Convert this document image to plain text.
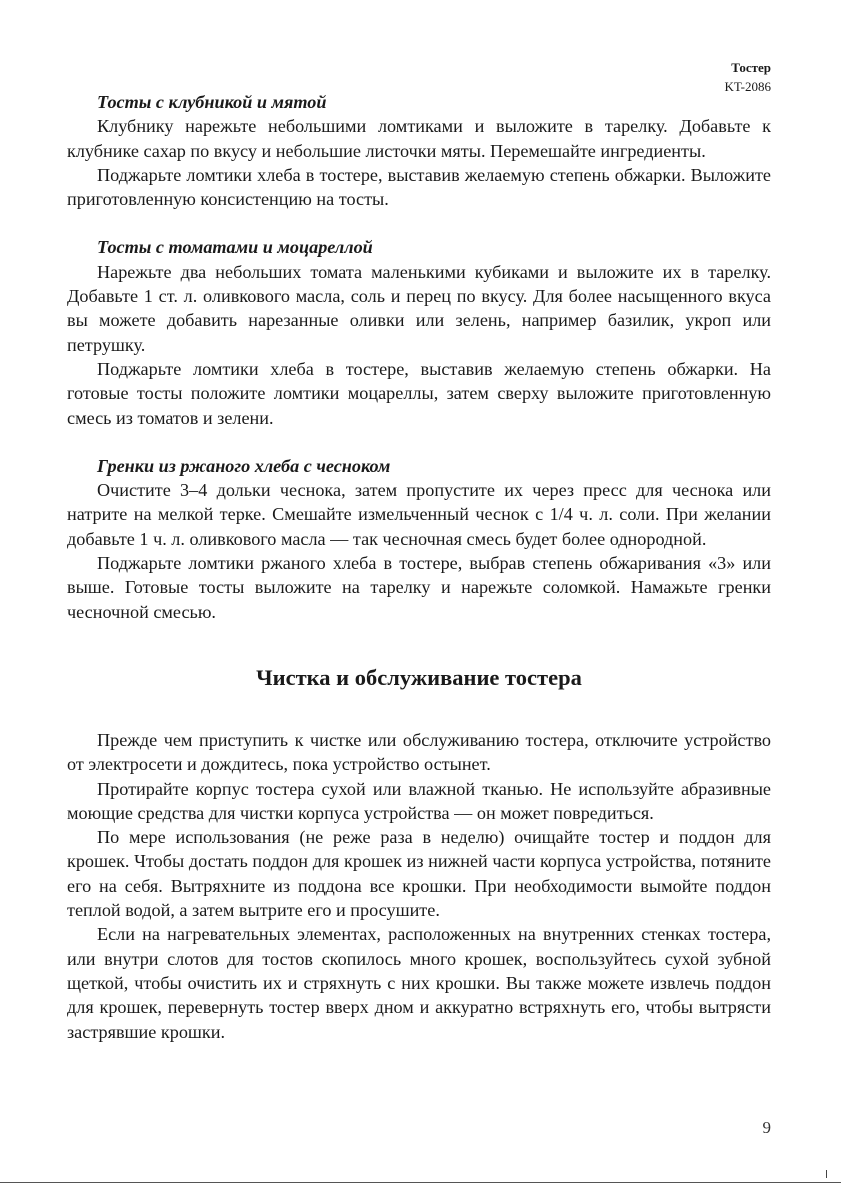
Тостер
KT-2086
Тосты с клубникой и мятой

Клубнику нарежьте небольшими ломтиками и выложите в тарелку. Добавьте к клубнике сахар по вкусу и небольшие листочки мяты. Перемешайте ингредиенты.

Поджарьте ломтики хлеба в тостере, выставив желаемую степень обжарки. Выложите приготовленную консистенцию на тосты.

Тосты с томатами и моцареллой

Нарежьте два небольших томата маленькими кубиками и выложите их в тарелку. Добавьте 1 ст. л. оливкового масла, соль и перец по вкусу. Для более насыщенного вкуса вы можете добавить нарезанные оливки или зелень, например базилик, укроп или петрушку.

Поджарьте ломтики хлеба в тостере, выставив желаемую степень обжарки. На готовые тосты положите ломтики моцареллы, затем сверху выложите приготовленную смесь из томатов и зелени.

Гренки из ржаного хлеба с чесноком

Очистите 3–4 дольки чеснока, затем пропустите их через пресс для чеснока или натрите на мелкой терке. Смешайте измельченный чеснок с 1/4 ч. л. соли. При желании добавьте 1 ч. л. оливкового масла — так чесночная смесь будет более однородной.

Поджарьте ломтики ржаного хлеба в тостере, выбрав степень обжаривания «3» или выше. Готовые тосты выложите на тарелку и нарежьте соломкой. Намажьте гренки чесночной смесью.

Чистка и обслуживание тостера

Прежде чем приступить к чистке или обслуживанию тостера, отключите устройство от электросети и дождитесь, пока устройство остынет.

Протирайте корпус тостера сухой или влажной тканью. Не используйте абразивные моющие средства для чистки корпуса устройства — он может повредиться.

По мере использования (не реже раза в неделю) очищайте тостер и поддон для крошек. Чтобы достать поддон для крошек из нижней части корпуса устройства, потяните его на себя. Вытряхните из поддона все крошки. При необходимости вымойте поддон теплой водой, а затем вытрите его и просушите.

Если на нагревательных элементах, расположенных на внутренних стенках тостера, или внутри слотов для тостов скопилось много крошек, воспользуйтесь сухой зубной щеткой, чтобы очистить их и стряхнуть с них крошки. Вы также можете извлечь поддон для крошек, перевернуть тостер вверх дном и аккуратно встряхнуть его, чтобы вытрясти застрявшие крошки.

9
